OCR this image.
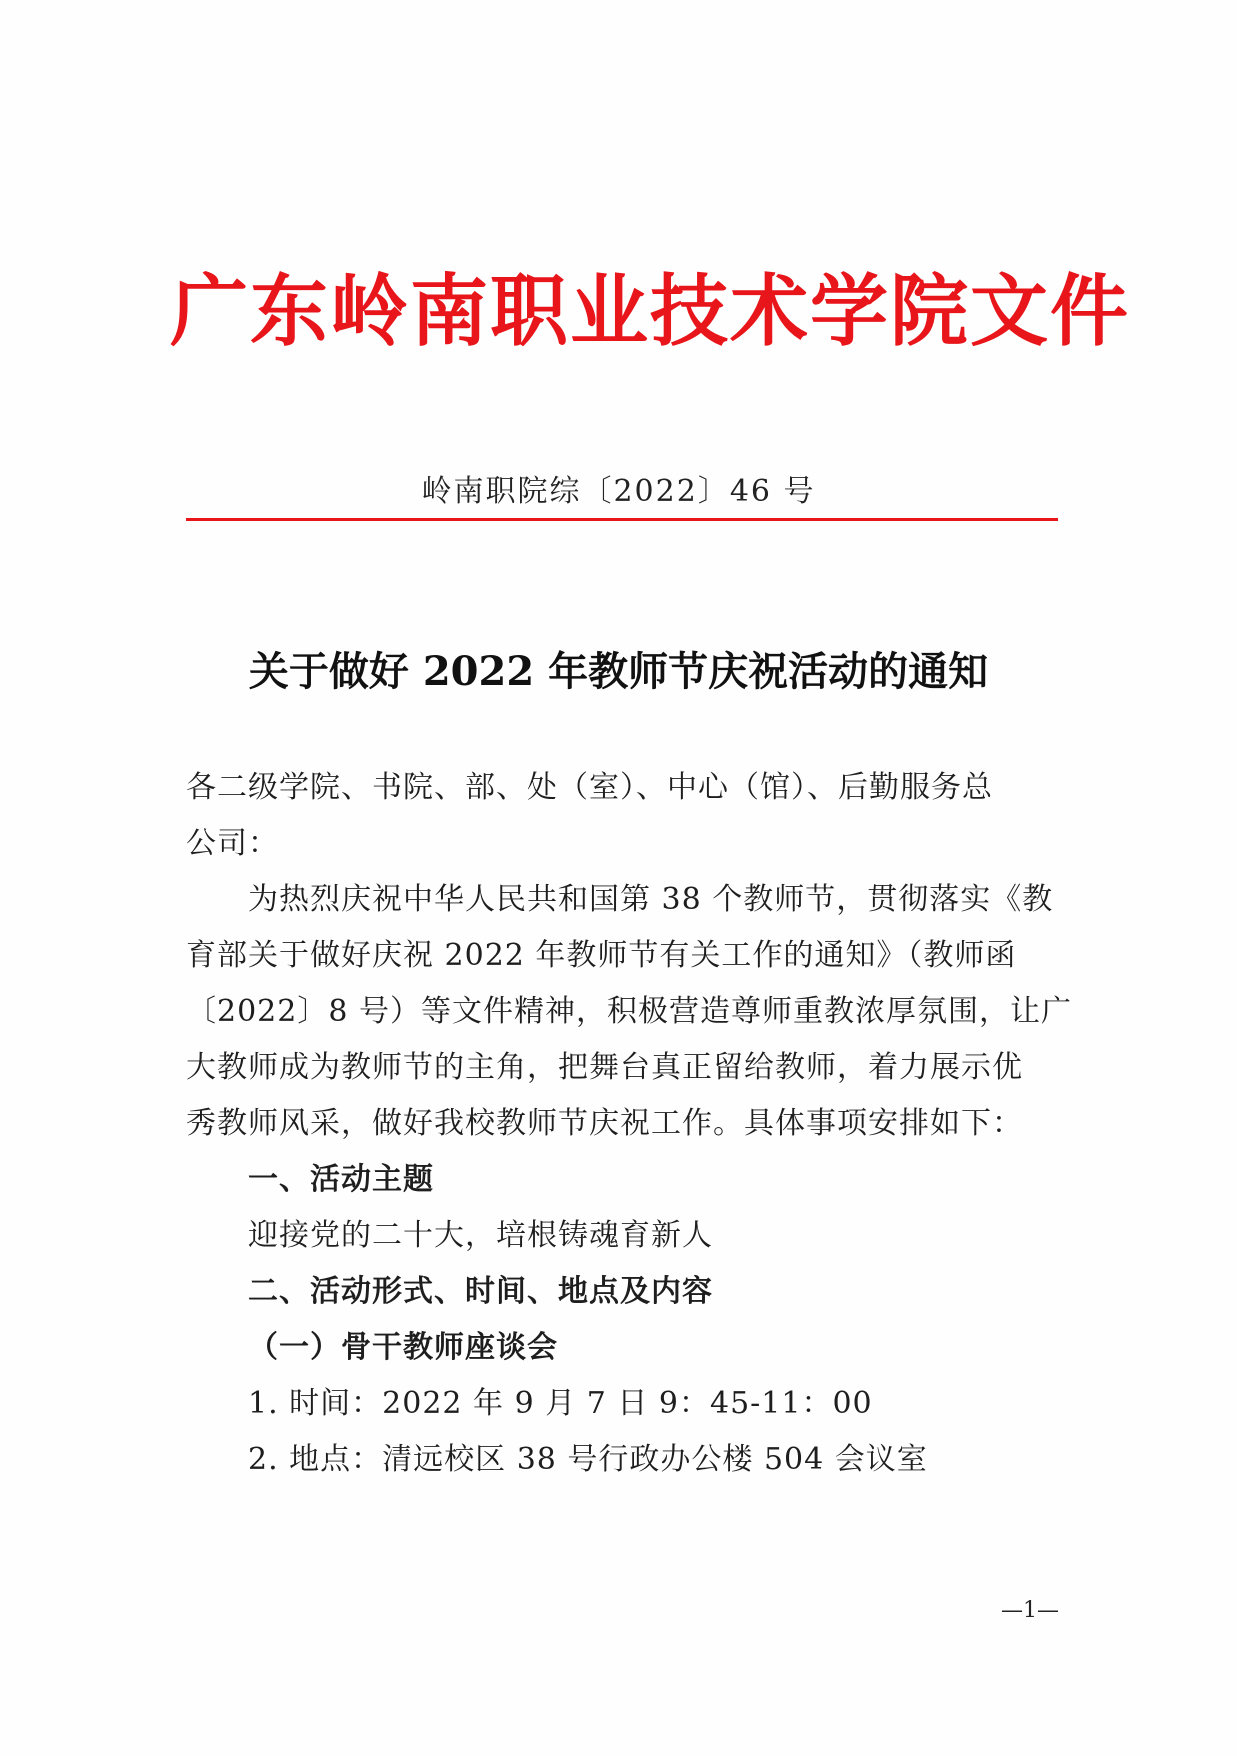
广东岭南职业技术学院文件
岭南职院综〔2022〕46 号
关于做好 2022 年教师节庆祝活动的通知
各二级学院、书院、部、处（室）、中心（馆）、后勤服务总
公司：
为热烈庆祝中华人民共和国第 38 个教师节，贯彻落实《教
育部关于做好庆祝 2022 年教师节有关工作的通知》（教师函
〔2022〕8 号）等文件精神，积极营造尊师重教浓厚氛围，让广
大教师成为教师节的主角，把舞台真正留给教师，着力展示优
秀教师风采，做好我校教师节庆祝工作。具体事项安排如下：
一、活动主题
迎接党的二十大，培根铸魂育新人
二、活动形式、时间、地点及内容
（一）骨干教师座谈会
1. 时间：2022 年 9 月 7 日 9：45-11：00
2. 地点：清远校区 38 号行政办公楼 504 会议室
—1—
